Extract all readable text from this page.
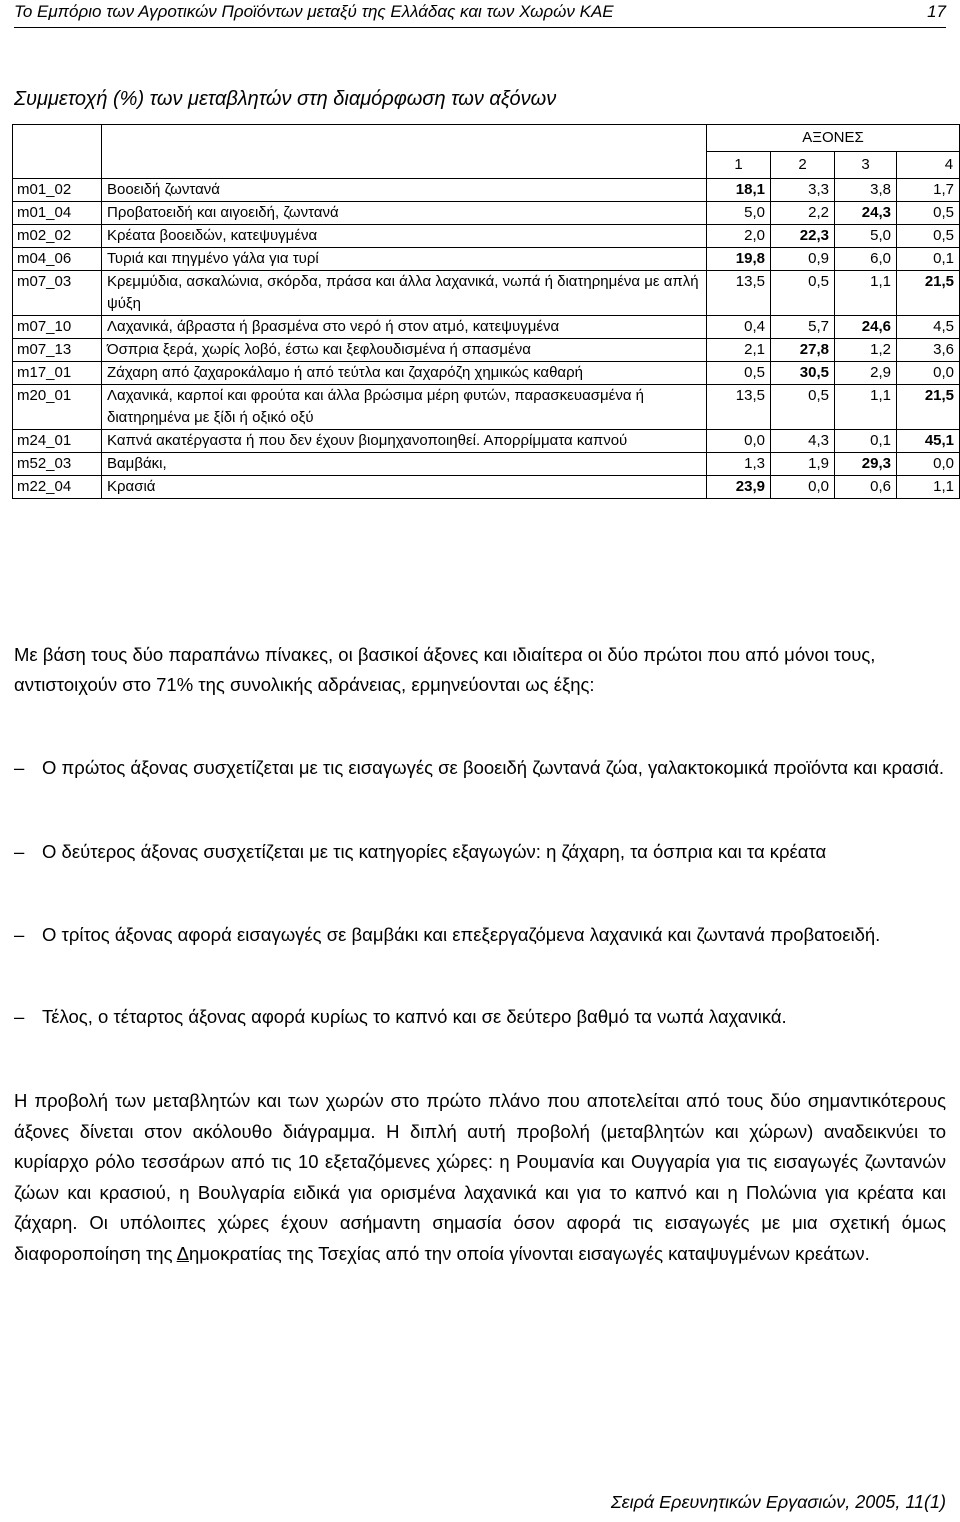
Το Εμπόριο των Αγροτικών Προϊόντων μεταξύ της Ελλάδας και των Χωρών ΚΑΕ	17
Συμμετοχή (%) των μεταβλητών στη διαμόρφωση των αξόνων
		ΑΞΟΝΕΣ			
		1	2	3	4
m01_02	Βοοειδή ζωντανά	18,1	3,3	3,8	1,7
m01_04	Προβατοειδή και αιγοειδή, ζωντανά	5,0	2,2	24,3	0,5
m02_02	Κρέατα βοοειδών, κατεψυγμένα	2,0	22,3	5,0	0,5
m04_06	Τυριά και πηγμένο γάλα για τυρί	19,8	0,9	6,0	0,1
m07_03	Κρεμμύδια, ασκαλώνια, σκόρδα, πράσα και άλλα λαχανικά, νωπά ή διατηρημένα με απλή ψύξη	13,5	0,5	1,1	21,5
m07_10	Λαχανικά, άβραστα ή βρασμένα στο νερό ή στον ατμό, κατεψυγμένα	0,4	5,7	24,6	4,5
m07_13	Όσπρια ξερά, χωρίς λοβό, έστω και ξεφλουδισμένα ή σπασμένα	2,1	27,8	1,2	3,6
m17_01	Ζάχαρη από ζαχαροκάλαμο ή από τεύτλα και ζαχαρόζη χημικώς καθαρή	0,5	30,5	2,9	0,0
m20_01	Λαχανικά, καρποί και φρούτα και άλλα βρώσιμα μέρη φυτών, παρασκευασμένα ή διατηρημένα με ξίδι ή οξικό οξύ	13,5	0,5	1,1	21,5
m24_01	Καπνά ακατέργαστα ή που δεν έχουν βιομηχανοποιηθεί. Απορρίμματα καπνού	0,0	4,3	0,1	45,1
m52_03	Βαμβάκι,	1,3	1,9	29,3	0,0
m22_04	Κρασιά	23,9	0,0	0,6	1,1

Με βάση τους δύο παραπάνω πίνακες, οι βασικοί άξονες και ιδιαίτερα οι δύο πρώτοι που από μόνοι τους, αντιστοιχούν στο 71% της συνολικής αδράνειας, ερμηνεύονται ως έξης:

– Ο πρώτος άξονας συσχετίζεται με τις εισαγωγές σε βοοειδή ζωντανά ζώα, γαλακτοκομικά προϊόντα και κρασιά.
– Ο δεύτερος άξονας συσχετίζεται με τις κατηγορίες εξαγωγών: η ζάχαρη, τα όσπρια και τα κρέατα
– Ο τρίτος άξονας αφορά εισαγωγές σε βαμβάκι και επεξεργαζόμενα λαχανικά και ζωντανά προβατοειδή.
– Τέλος, ο τέταρτος άξονας αφορά κυρίως το καπνό και σε δεύτερο βαθμό τα νωπά λαχανικά.

Η προβολή των μεταβλητών και των χωρών στο πρώτο πλάνο που αποτελείται από τους δύο σημαντικότερους άξονες δίνεται στον ακόλουθο διάγραμμα. Η διπλή αυτή προβολή (μεταβλητών και χώρων) αναδεικνύει το κυρίαρχο ρόλο τεσσάρων από τις 10 εξεταζόμενες χώρες: η Ρουμανία και Ουγγαρία για τις εισαγωγές ζωντανών ζώων και κρασιού, η Βουλγαρία ειδικά για ορισμένα λαχανικά και για το καπνό και η Πολώνια για κρέατα και ζάχαρη. Οι υπόλοιπες χώρες έχουν ασήμαντη σημασία όσον αφορά τις εισαγωγές με μια σχετική όμως διαφοροποίηση της Δημοκρατίας της Τσεχίας από την οποία γίνονται εισαγωγές καταψυγμένων κρεάτων.

Σειρά Ερευνητικών Εργασιών, 2005, 11(1)
